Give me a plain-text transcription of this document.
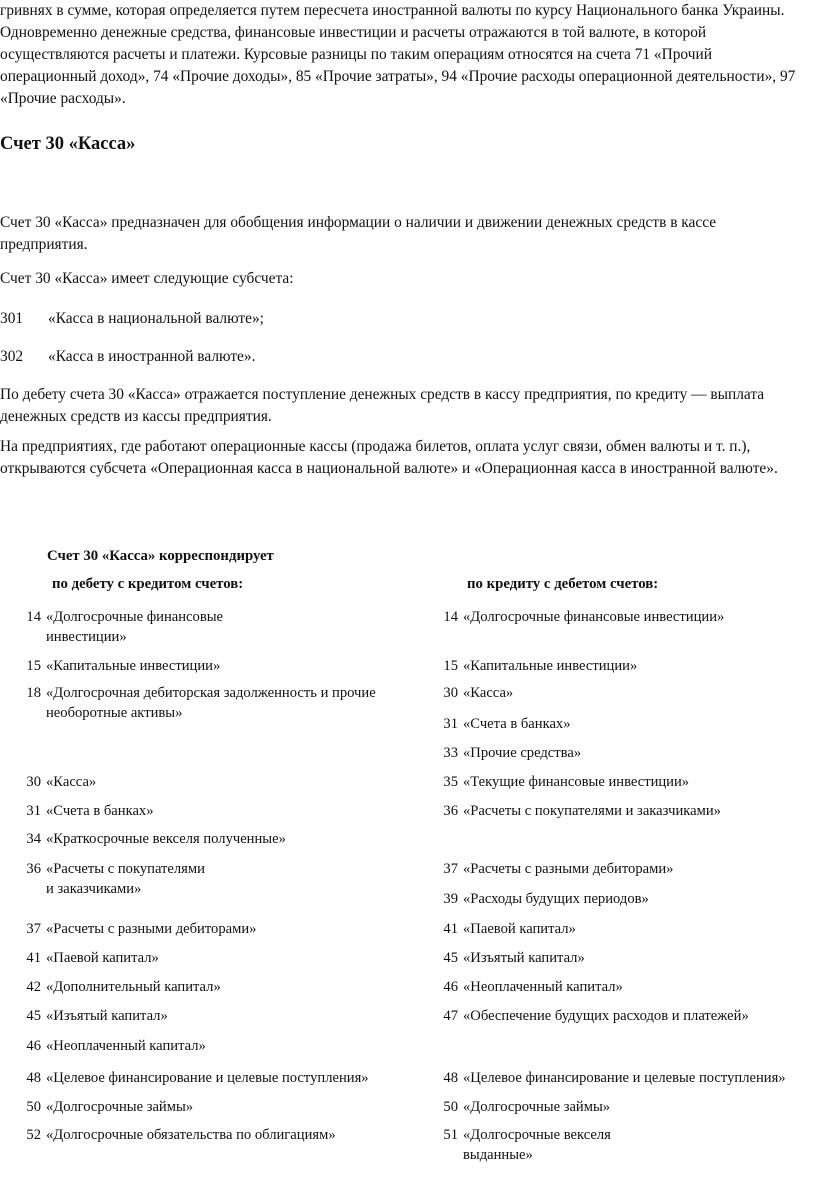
гривнях в сумме, которая определяется путем пересчета иностранной валюты по курсу Национального банка Украины. Одновременно денежные средства, финансовые инвестиции и расчеты отражаются в той валюте, в которой осуществляются расчеты и платежи. Курсовые разницы по таким операциям относятся на счета 71 «Прочий операционный доход», 74 «Прочие доходы», 85 «Прочие затраты», 94 «Прочие расходы операционной деятельности», 97 «Прочие расходы».

Счет 30 «Касса»

Счет 30 «Касса» предназначен для обобщения информации о наличии и движении денежных средств в кассе предприятия.

Счет 30 «Касса» имеет следующие субсчета:

301 «Касса в национальной валюте»;
302 «Касса в иностранной валюте».

По дебету счета 30 «Касса» отражается поступление денежных средств в кассу предприятия, по кредиту — выплата денежных средств из кассы предприятия.

На предприятиях, где работают операционные кассы (продажа билетов, оплата услуг связи, обмен валюты и т. п.), открываются субсчета «Операционная касса в национальной валюте» и «Операционная касса в иностранной валюте».

Счет 30 «Касса» корреспондирует
по дебету с кредитом счетов:	по кредиту с дебетом счетов:
14 «Долгосрочные финансовые
инвестиции»
15 «Капитальные инвестиции»
18 «Долгосрочная дебиторская задолженность и прочие
необоротные активы»
30 «Касса»
31 «Счета в банках»
34 «Краткосрочные векселя полученные»
36 «Расчеты с покупателями
и заказчиками»
37 «Расчеты с разными дебиторами»
41 «Паевой капитал»
42 «Дополнительный капитал»
45 «Изъятый капитал»
46 «Неоплаченный капитал»
48 «Целевое финансирование и целевые поступления»
50 «Долгосрочные займы»
52 «Долгосрочные обязательства по облигациям»
14 «Долгосрочные финансовые инвестиции»
15 «Капитальные инвестиции»
30 «Касса»
31 «Счета в банках»
33 «Прочие средства»
35 «Текущие финансовые инвестиции»
36 «Расчеты с покупателями и заказчиками»
37 «Расчеты с разными дебиторами»
39 «Расходы будущих периодов»
41 «Паевой капитал»
45 «Изъятый капитал»
46 «Неоплаченный капитал»
47 «Обеспечение будущих расходов и платежей»
48 «Целевое финансирование и целевые поступления»
50 «Долгосрочные займы»
51 «Долгосрочные векселя
выданные»
